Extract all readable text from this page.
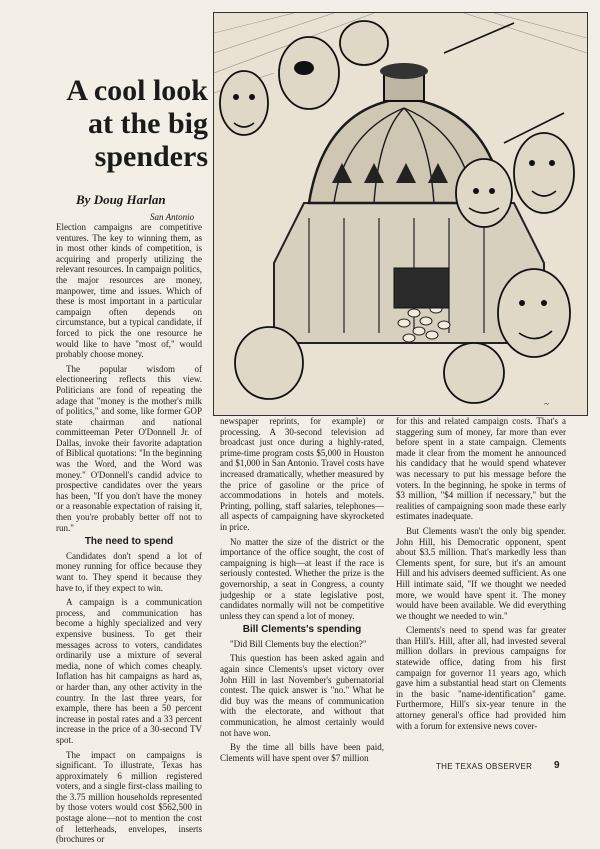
~
A cool look
at the big
spenders

By Doug Harlan

San Antonio

Election campaigns are competitive ventures. The key to winning them, as in most other kinds of competition, is acquiring and properly utilizing the relevant resources. In campaign politics, the major resources are money, manpower, time and issues. Which of these is most important in a particular campaign often depends on circumstance, but a typical candidate, if forced to pick the one resource he would like to have "most of," would probably choose money.

The popular wisdom of electioneering reflects this view. Politicians are fond of repeating the adage that "money is the mother's milk of politics," and some, like former GOP state chairman and national committeeman Peter O'Donnell Jr. of Dallas, invoke their favorite adaptation of Biblical quotations: "In the beginning was the Word, and the Word was money." O'Donnell's candid advice to prospective candidates over the years has been, "If you don't have the money or a reasonable expectation of raising it, then you're probably better off not to run."

The need to spend

Candidates don't spend a lot of money running for office because they want to. They spend it because they have to, if they expect to win.

A campaign is a communication process, and communication has become a highly specialized and very expensive business. To get their messages across to voters, candidates ordinarily use a mixture of several media, none of which comes cheaply. Inflation has hit campaigns as hard as, or harder than, any other activity in the country. In the last three years, for example, there has been a 50 percent increase in postal rates and a 33 percent increase in the price of a 30-second TV spot.

The impact on campaigns is significant. To illustrate, Texas has approximately 6 million registered voters, and a single first-class mailing to the 3.75 million households represented by those voters would cost $562,500 in postage alone—not to mention the cost of letterheads, envelopes, inserts (brochures or

newspaper reprints, for example) or processing. A 30-second television ad broadcast just once during a highly-rated, prime-time program costs $5,000 in Houston and $1,000 in San Antonio. Travel costs have increased dramatically, whether measured by the price of gasoline or the price of accommodations in hotels and motels. Printing, polling, staff salaries, telephones—all aspects of campaigning have skyrocketed in price.

No matter the size of the district or the importance of the office sought, the cost of campaigning is high—at least if the race is seriously contested. Whether the prize is the governorship, a seat in Congress, a county judgeship or a state legislative post, candidates normally will not be competitive unless they can spend a lot of money.

Bill Clements's spending

"Did Bill Clements buy the election?"

This question has been asked again and again since Clements's upset victory over John Hill in last November's gubernatorial contest. The quick answer is "no." What he did buy was the means of communication with the electorate, and without that communication, he almost certainly would not have won.

By the time all bills have been paid, Clements will have spent over $7 million

for this and related campaign costs. That's a staggering sum of money, far more than ever before spent in a state campaign. Clements made it clear from the moment he announced his candidacy that he would spend whatever was necessary to put his message before the voters. In the beginning, he spoke in terms of $3 million, "$4 million if necessary," but the realities of campaigning soon made these early estimates inadequate.

But Clements wasn't the only big spender. John Hill, his Democratic opponent, spent about $3.5 million. That's markedly less than Clements spent, for sure, but it's an amount Hill and his advisers deemed sufficient. As one Hill intimate said, "If we thought we needed more, we would have spent it. The money would have been available. We did everything we thought we needed to win."

Clements's need to spend was far greater than Hill's. Hill, after all, had invested several million dollars in previous campaigns for statewide office, dating from his first campaign for governor 11 years ago, which gave him a substantial head start on Clements in the basic "name-identification" game. Furthermore, Hill's six-year tenure in the attorney general's office had provided him with a forum for extensive news cover-

THE TEXAS OBSERVER 9
